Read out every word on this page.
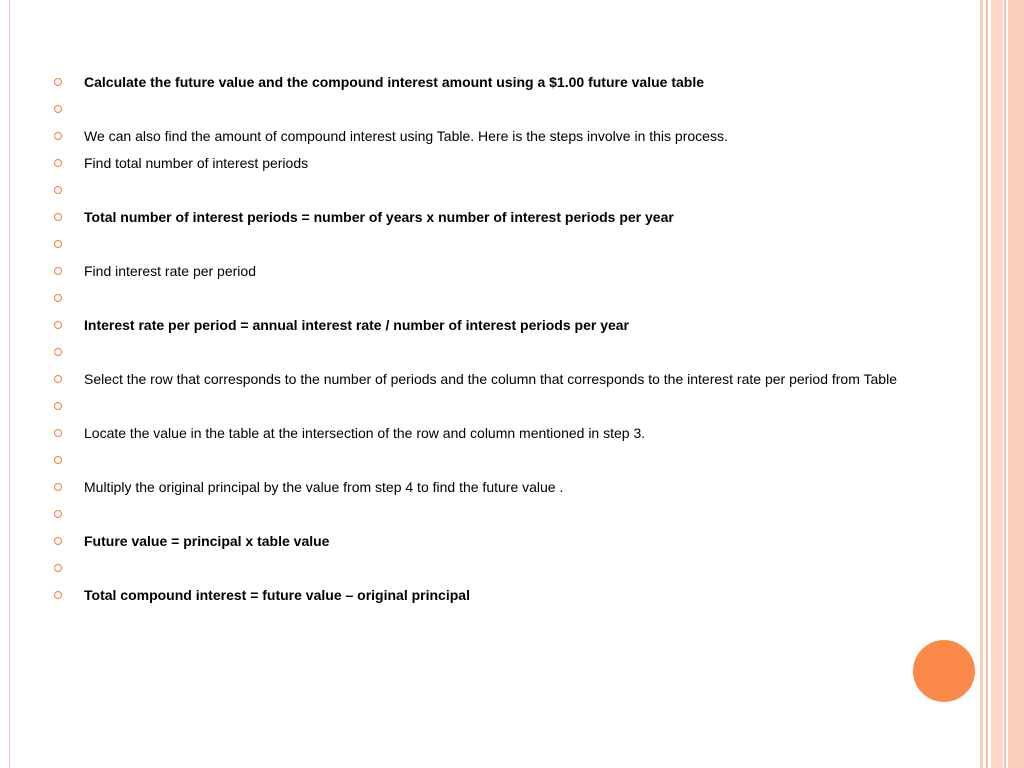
Calculate the future value and the compound interest amount using a $1.00 future value table
We can also find the amount of compound interest using Table. Here is the steps involve in this process.
Find total number of interest periods
Total number of interest periods = number of years x number of interest periods per year
Find interest rate per period
Interest rate per period = annual interest rate / number of interest periods per year
Select the row that corresponds to the number of periods and the column that corresponds to the interest rate per period from Table
Locate the value in the table at the intersection of the row and column mentioned in step 3.
Multiply the original principal by the value from step 4 to find the future value .
Future value = principal x table value
Total compound interest = future value – original principal
